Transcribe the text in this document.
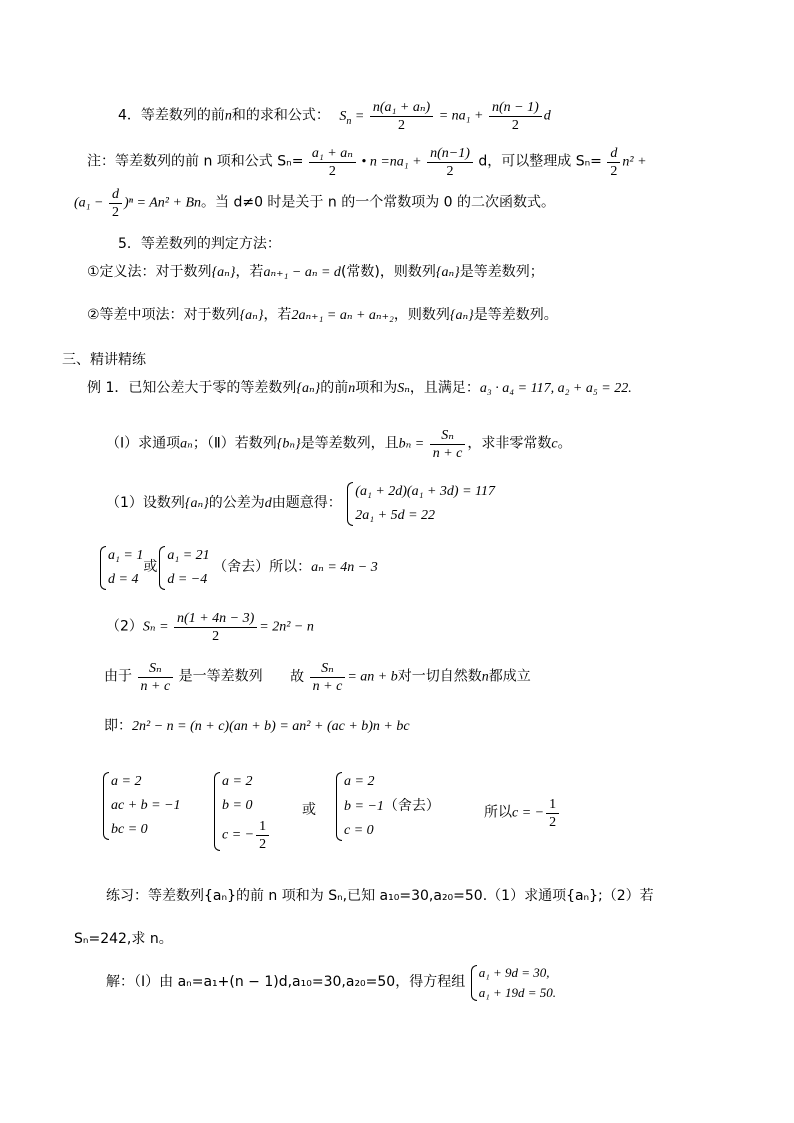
4．等差数列的前n和的求和公式： $S_n = \frac{\text{n(a₁ + aₙ)}}{2} = na_1 + \frac{n(n - 1)}{2}$ d
注：等差数列的前 n 项和公式 $S_n= \frac{\text{a₁ + aₙ}}{2}$ • $n =na_1 + \frac{n(n-1)}{2}$ d，可以整理成 $S_n= \frac{d}{2} n^2$ +
$(a_1 - \frac{d}{2} )^n = An^2 + Bn$。当 d≠0 时是关于 n 的一个常数项为 0 的二次函数式。
5．等差数列的判定方法：
①定义法：对于数列{aₙ}，若aₙ₊₁ − aₙ = d(常数)，则数列{aₙ}是等差数列；
②等差中项法：对于数列{aₙ}，若2aₙ₊₁ = aₙ + aₙ₊₂，则数列{aₙ}是等差数列。
三、精讲精练
例 1．已知公差大于零的等差数列{aₙ}的前n项和为Sₙ，且满足：a₃ · a₄ = 117, a₂ + a₅ = 22.
（Ⅰ）求通项aₙ；（Ⅱ）若数列{bₙ}是等差数列，且$b_n = \frac{\text{Sₙ}}{n + c}$ ，求非零常数c。
（1）设数列{aₙ}的公差为d由题意得：
(a₁ + 2d)(a₁ + 3d) = 117
2a₁ + 5d = 22
a₁ = 1
d = 4
或
a₁ = 21
d = −4
（舍去）所以：aₙ = 4n − 3
$(2)S_n = \frac{n(1 + 4n - 3)}{2} = 2n^2 - n$
由于 $\frac{\text{Sₙ}}{n + c}$ 是一等差数列 故 $\frac{\text{Sₙ}}{n + c}$ = an + b对一切自然数n都成立
即：2n² − n = (n + c)(an + b) = an² + (ac + b)n + bc
a = 2
ac + b = −1
bc = 0
a = 2
b = 0
c = − $\frac{1}{2}$
或
a = 2
b = −1（舍去）
c = 0
所以c = − $\frac{1}{2}$
练习：等差数列{aₙ}的前 n 项和为 Sₙ,已知 a₁₀=30,a₂₀=50.（1）求通项{aₙ};（2）若
Sₙ=242,求 n。
解：（Ⅰ）由 aₙ=a₁+(n − 1)d,a₁₀=30,a₂₀=50，得方程组
a₁ + 9d = 30,
a₁ + 19d = 50.
